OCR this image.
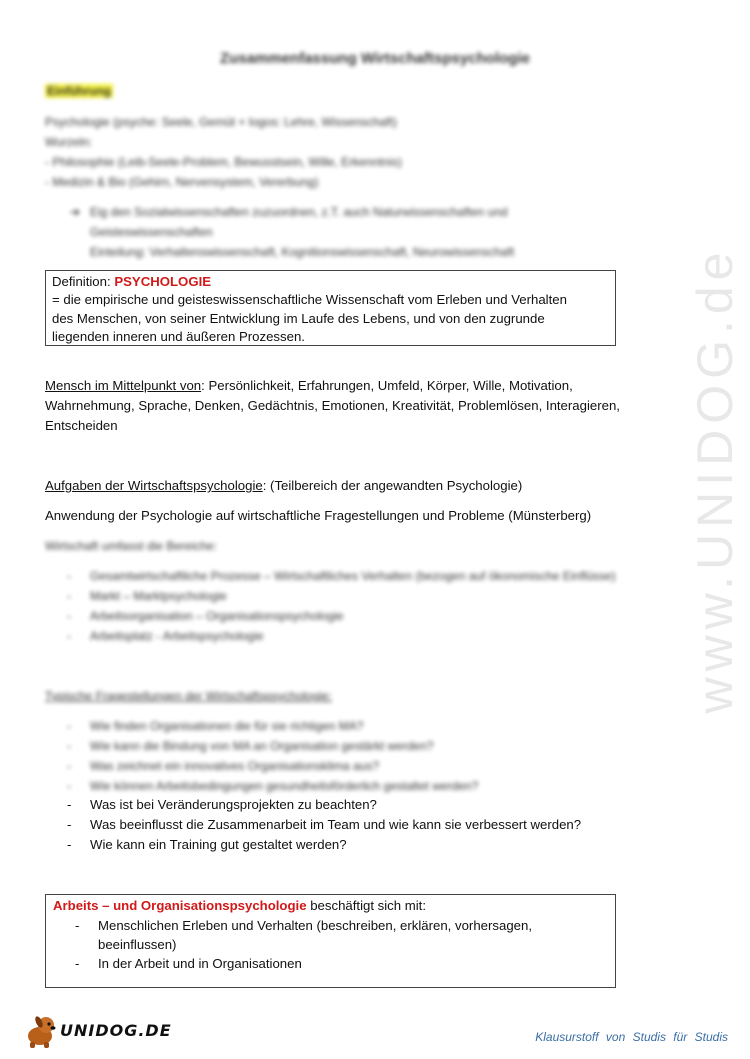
www.UNIDOG.de
Zusammenfassung Wirtschaftspsychologie
Einführung
Psychologie (psyche: Seele, Gemüt + logos: Lehre, Wissenschaft)
Wurzeln:
- Philosophie (Leib-Seele-Problem, Bewusstsein, Wille, Erkenntnis)
- Medizin & Bio (Gehirn, Nervensystem, Vererbung)
➔ Eig den Sozialwissenschaften zuzuordnen, z.T. auch Naturwissenschaften und
Geisteswissenschaften
Einteilung: Verhaltenswissenschaft, Kognitionswissenschaft, Neurowissenschaft
Definition: PSYCHOLOGIE
= die empirische und geisteswissenschaftliche Wissenschaft vom Erleben und Verhalten
des Menschen, von seiner Entwicklung im Laufe des Lebens, und von den zugrunde
liegenden inneren und äußeren Prozessen.
Mensch im Mittelpunkt von: Persönlichkeit, Erfahrungen, Umfeld, Körper, Wille, Motivation,
Wahrnehmung, Sprache, Denken, Gedächtnis, Emotionen, Kreativität, Problemlösen, Interagieren,
Entscheiden
Aufgaben der Wirtschaftspsychologie: (Teilbereich der angewandten Psychologie)
Anwendung der Psychologie auf wirtschaftliche Fragestellungen und Probleme (Münsterberg)
Wirtschaft umfasst die Bereiche:
- Gesamtwirtschaftliche Prozesse – Wirtschaftliches Verhalten (bezogen auf ökonomische Einflüsse)
- Markt – Marktpsychologie
- Arbeitsorganisation – Organisationspsychologie
- Arbeitsplatz - Arbeitspsychologie
Typische Fragestellungen der Wirtschaftspsychologie:
- Wie finden Organisationen die für sie richtigen MA?
- Wie kann die Bindung von MA an Organisation gestärkt werden?
- Was zeichnet ein innovatives Organisationsklima aus?
- Wie können Arbeitsbedingungen gesundheitsförderlich gestaltet werden?
- Was ist bei Veränderungsprojekten zu beachten?
- Was beeinflusst die Zusammenarbeit im Team und wie kann sie verbessert werden?
- Wie kann ein Training gut gestaltet werden?
Arbeits – und Organisationspsychologie beschäftigt sich mit:
- Menschlichen Erleben und Verhalten (beschreiben, erklären, vorhersagen,
beeinflussen)
- In der Arbeit und in Organisationen
UNIDOG.DE	Klausurstoff von Studis für Studis
